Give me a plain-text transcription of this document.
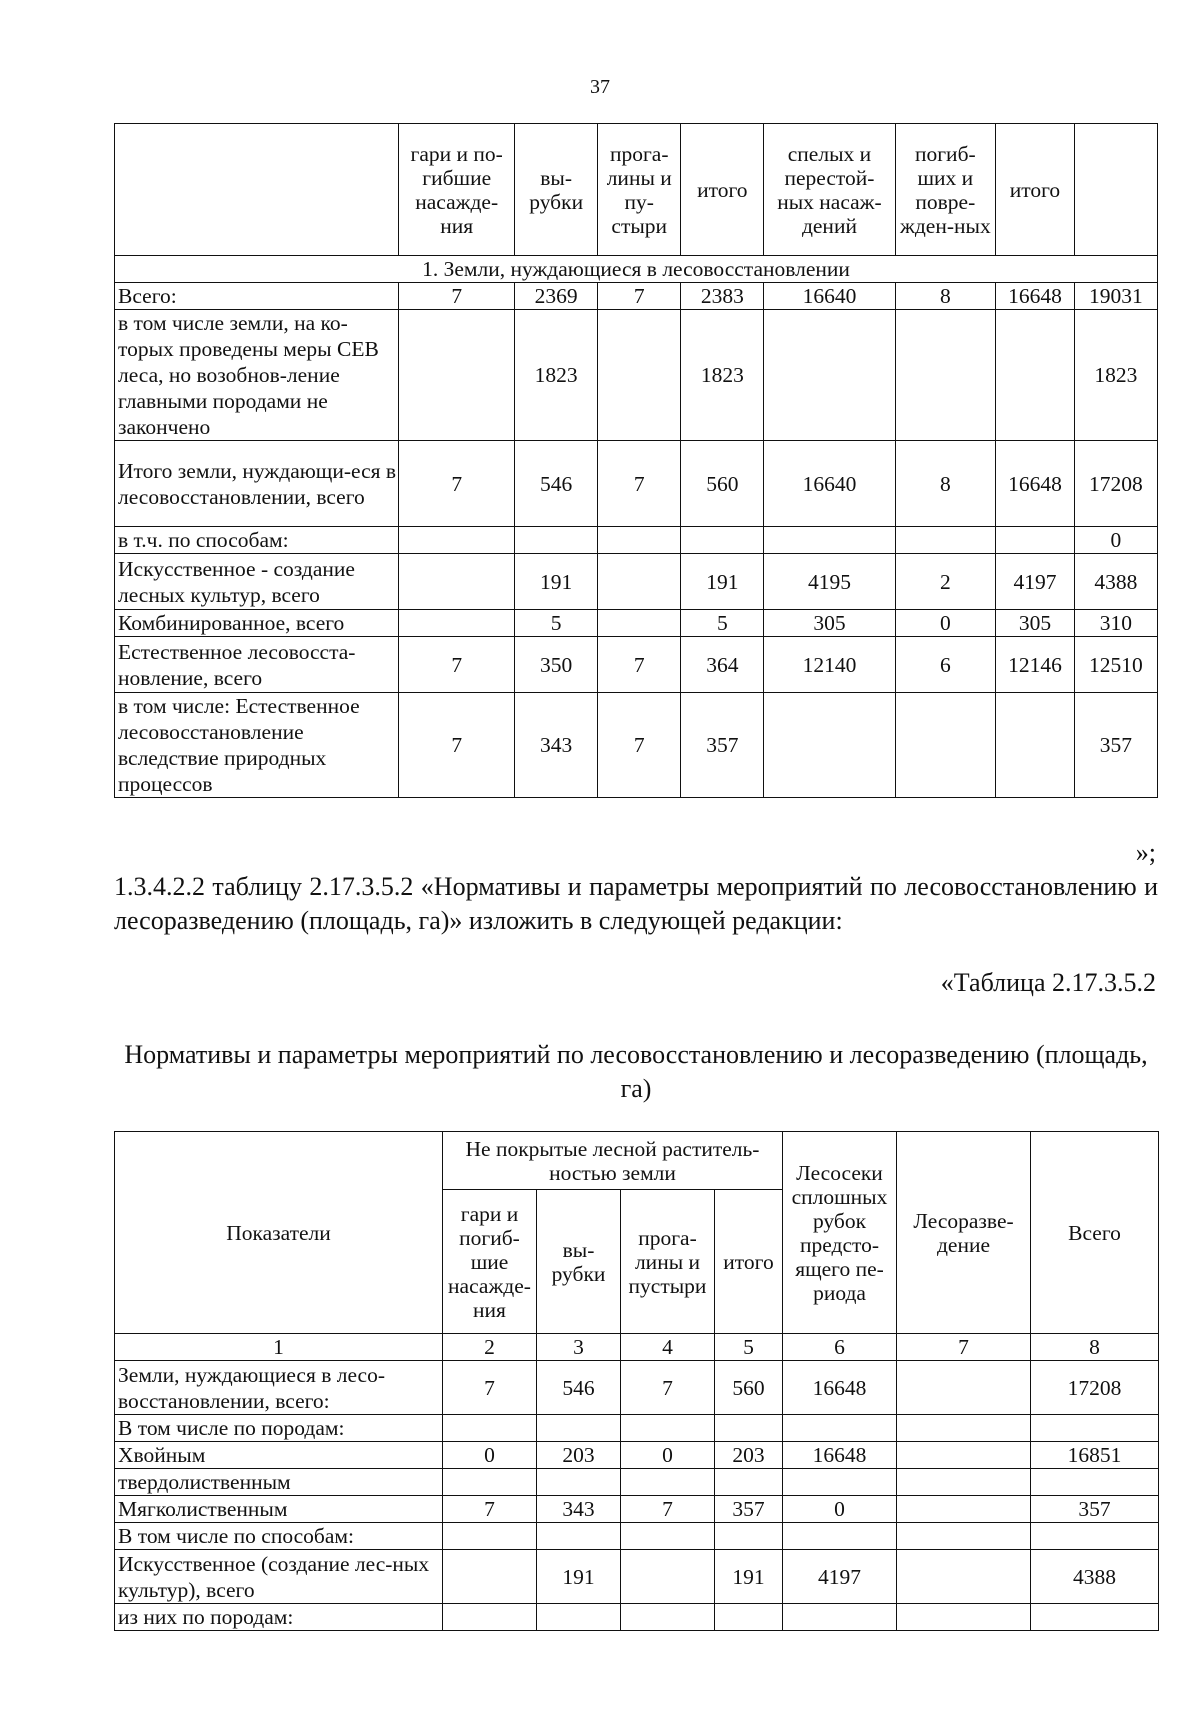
37
	гари и по-гибшие насажде-ния	вы-рубки	прога-лины и пу-стыри	итого	спелых и перестой-ных насаж-дений	погиб-ших и повре-жден-ных	итого	
1. Земли, нуждающиеся в лесовосстановлении								
Всего:	7	2369	7	2383	16640	8	16648	19031
в том числе земли, на ко-торых проведены меры СЕВ леса, но возобнов-ление главными породами не закончено		1823		1823				1823
Итого земли, нуждающи-еся в лесовосстановлении, всего	7	546	7	560	16640	8	16648	17208
в т.ч. по способам:								0
Искусственное - создание лесных культур, всего		191		191	4195	2	4197	4388
Комбинированное, всего		5		5	305	0	305	310
Естественное лесовосста-новление, всего	7	350	7	364	12140	6	12146	12510
в том числе: Естественное лесовосстановление вследствие природных процессов	7	343	7	357				357
»;
1.3.4.2.2 таблицу 2.17.3.5.2 «Нормативы и параметры мероприятий по лесовосстановлению и лесоразведению (площадь, га)» изложить в следующей редакции:
«Таблица 2.17.3.5.2
Нормативы и параметры мероприятий по лесовосстановлению и лесоразведению (площадь, га)
Показатели	Не покрытые лесной раститель-ностью земли				Лесосеки сплошных рубок предсто-ящего пе-риода	Лесоразве-дение	Всего
	гари и погиб-шие насажде-ния	вы-рубки	прога-лины и пустыри	итого			
1	2	3	4	5	6	7	8
Земли, нуждающиеся в лесо-восстановлении, всего:	7	546	7	560	16648		17208
В том числе по породам:							
Хвойным	0	203	0	203	16648		16851
твердолиственным							
Мягколиственным	7	343	7	357	0		357
В том числе по способам:							
Искусственное (создание лес-ных культур), всего		191		191	4197		4388
из них по породам:							
